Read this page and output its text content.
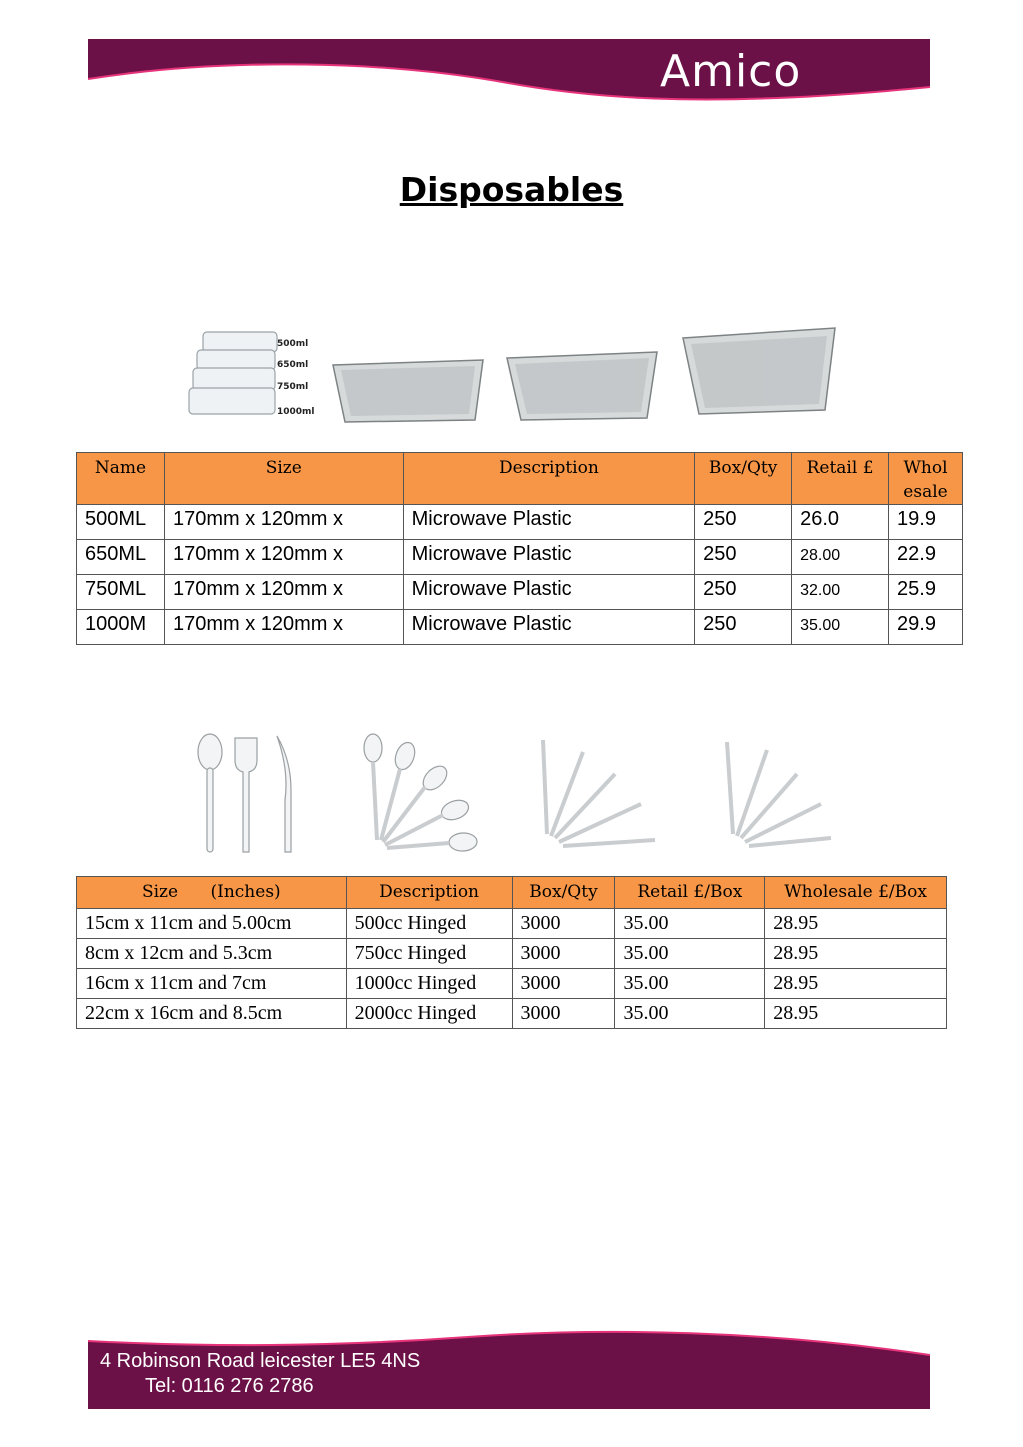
Amico
Disposables
500ml
650ml
750ml
1000ml
Name	Size	Description	Box/Qty	Retail £	Whol esale
500ML	170mm x 120mm x	Microwave Plastic	250	26.0	19.9
650ML	170mm x 120mm x	Microwave Plastic	250	28.00	22.9
750ML	170mm x 120mm x	Microwave Plastic	250	32.00	25.9
1000M	170mm x 120mm x	Microwave Plastic	250	35.00	29.9
Size      (Inches)	Description	Box/Qty	Retail £/Box	Wholesale £/Box
15cm x 11cm and 5.00cm	500cc Hinged	3000	35.00	28.95
8cm x 12cm and 5.3cm	750cc Hinged	3000	35.00	28.95
16cm x 11cm and 7cm	1000cc Hinged	3000	35.00	28.95
22cm x 16cm and 8.5cm	2000cc Hinged	3000	35.00	28.95
4 Robinson Road leicester LE5 4NS
Tel: 0116 276 2786
